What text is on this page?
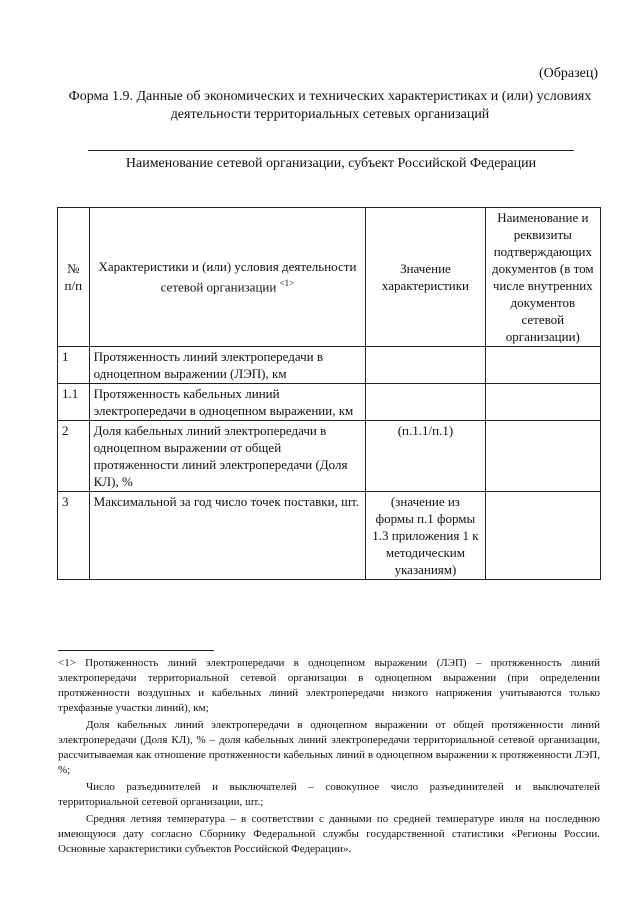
(Образец)
Форма 1.9. Данные об экономических и технических характеристиках и (или) условиях деятельности территориальных сетевых организаций
Наименование сетевой организации, субъект Российской Федерации
№ п/п	Характеристики и (или) условия деятельности сетевой организации $^{<1>}$	Значение характеристики	Наименование и реквизиты подтверждающих документов (в том числе внутренних документов сетевой организации)
1	Протяженность линий электропередачи в одноцепном выражении (ЛЭП), км		
1.1	Протяженность кабельных линий электропередачи в одноцепном выражении, км		
2	Доля кабельных линий электропередачи в одноцепном выражении от общей протяженности линий электропередачи (Доля КЛ), %	(п.1.1/п.1)	
3	Максимальной за год число точек поставки, шт.	(значение из формы п.1 формы 1.3 приложения 1 к методическим указаниям)	

<1> Протяженность линий электропередачи в одноцепном выражении (ЛЭП) – протяженность линий электропередачи территориальной сетевой организации в одноцепном выражении (при определении протяженности воздушных и кабельных линий электропередачи низкого напряжения учитываются только трехфазные участки линий), км;

Доля кабельных линий электропередачи в одноцепном выражении от общей протяженности линий электропередачи (Доля КЛ), % – доля кабельных линий электропередачи территориальной сетевой организации, рассчитываемая как отношение протяженности кабельных линий в одноцепном выражении к протяженности ЛЭП, %;

Число разъединителей и выключателей – совокупное число разъединителей и выключателей территориальной сетевой организации, шт.;

Средняя летняя температура – в соответствии с данными по средней температуре июля на последнюю имеющуюся дату согласно Сборнику Федеральной службы государственной статистики «Регионы России. Основные характеристики субъектов Российской Федерации».
